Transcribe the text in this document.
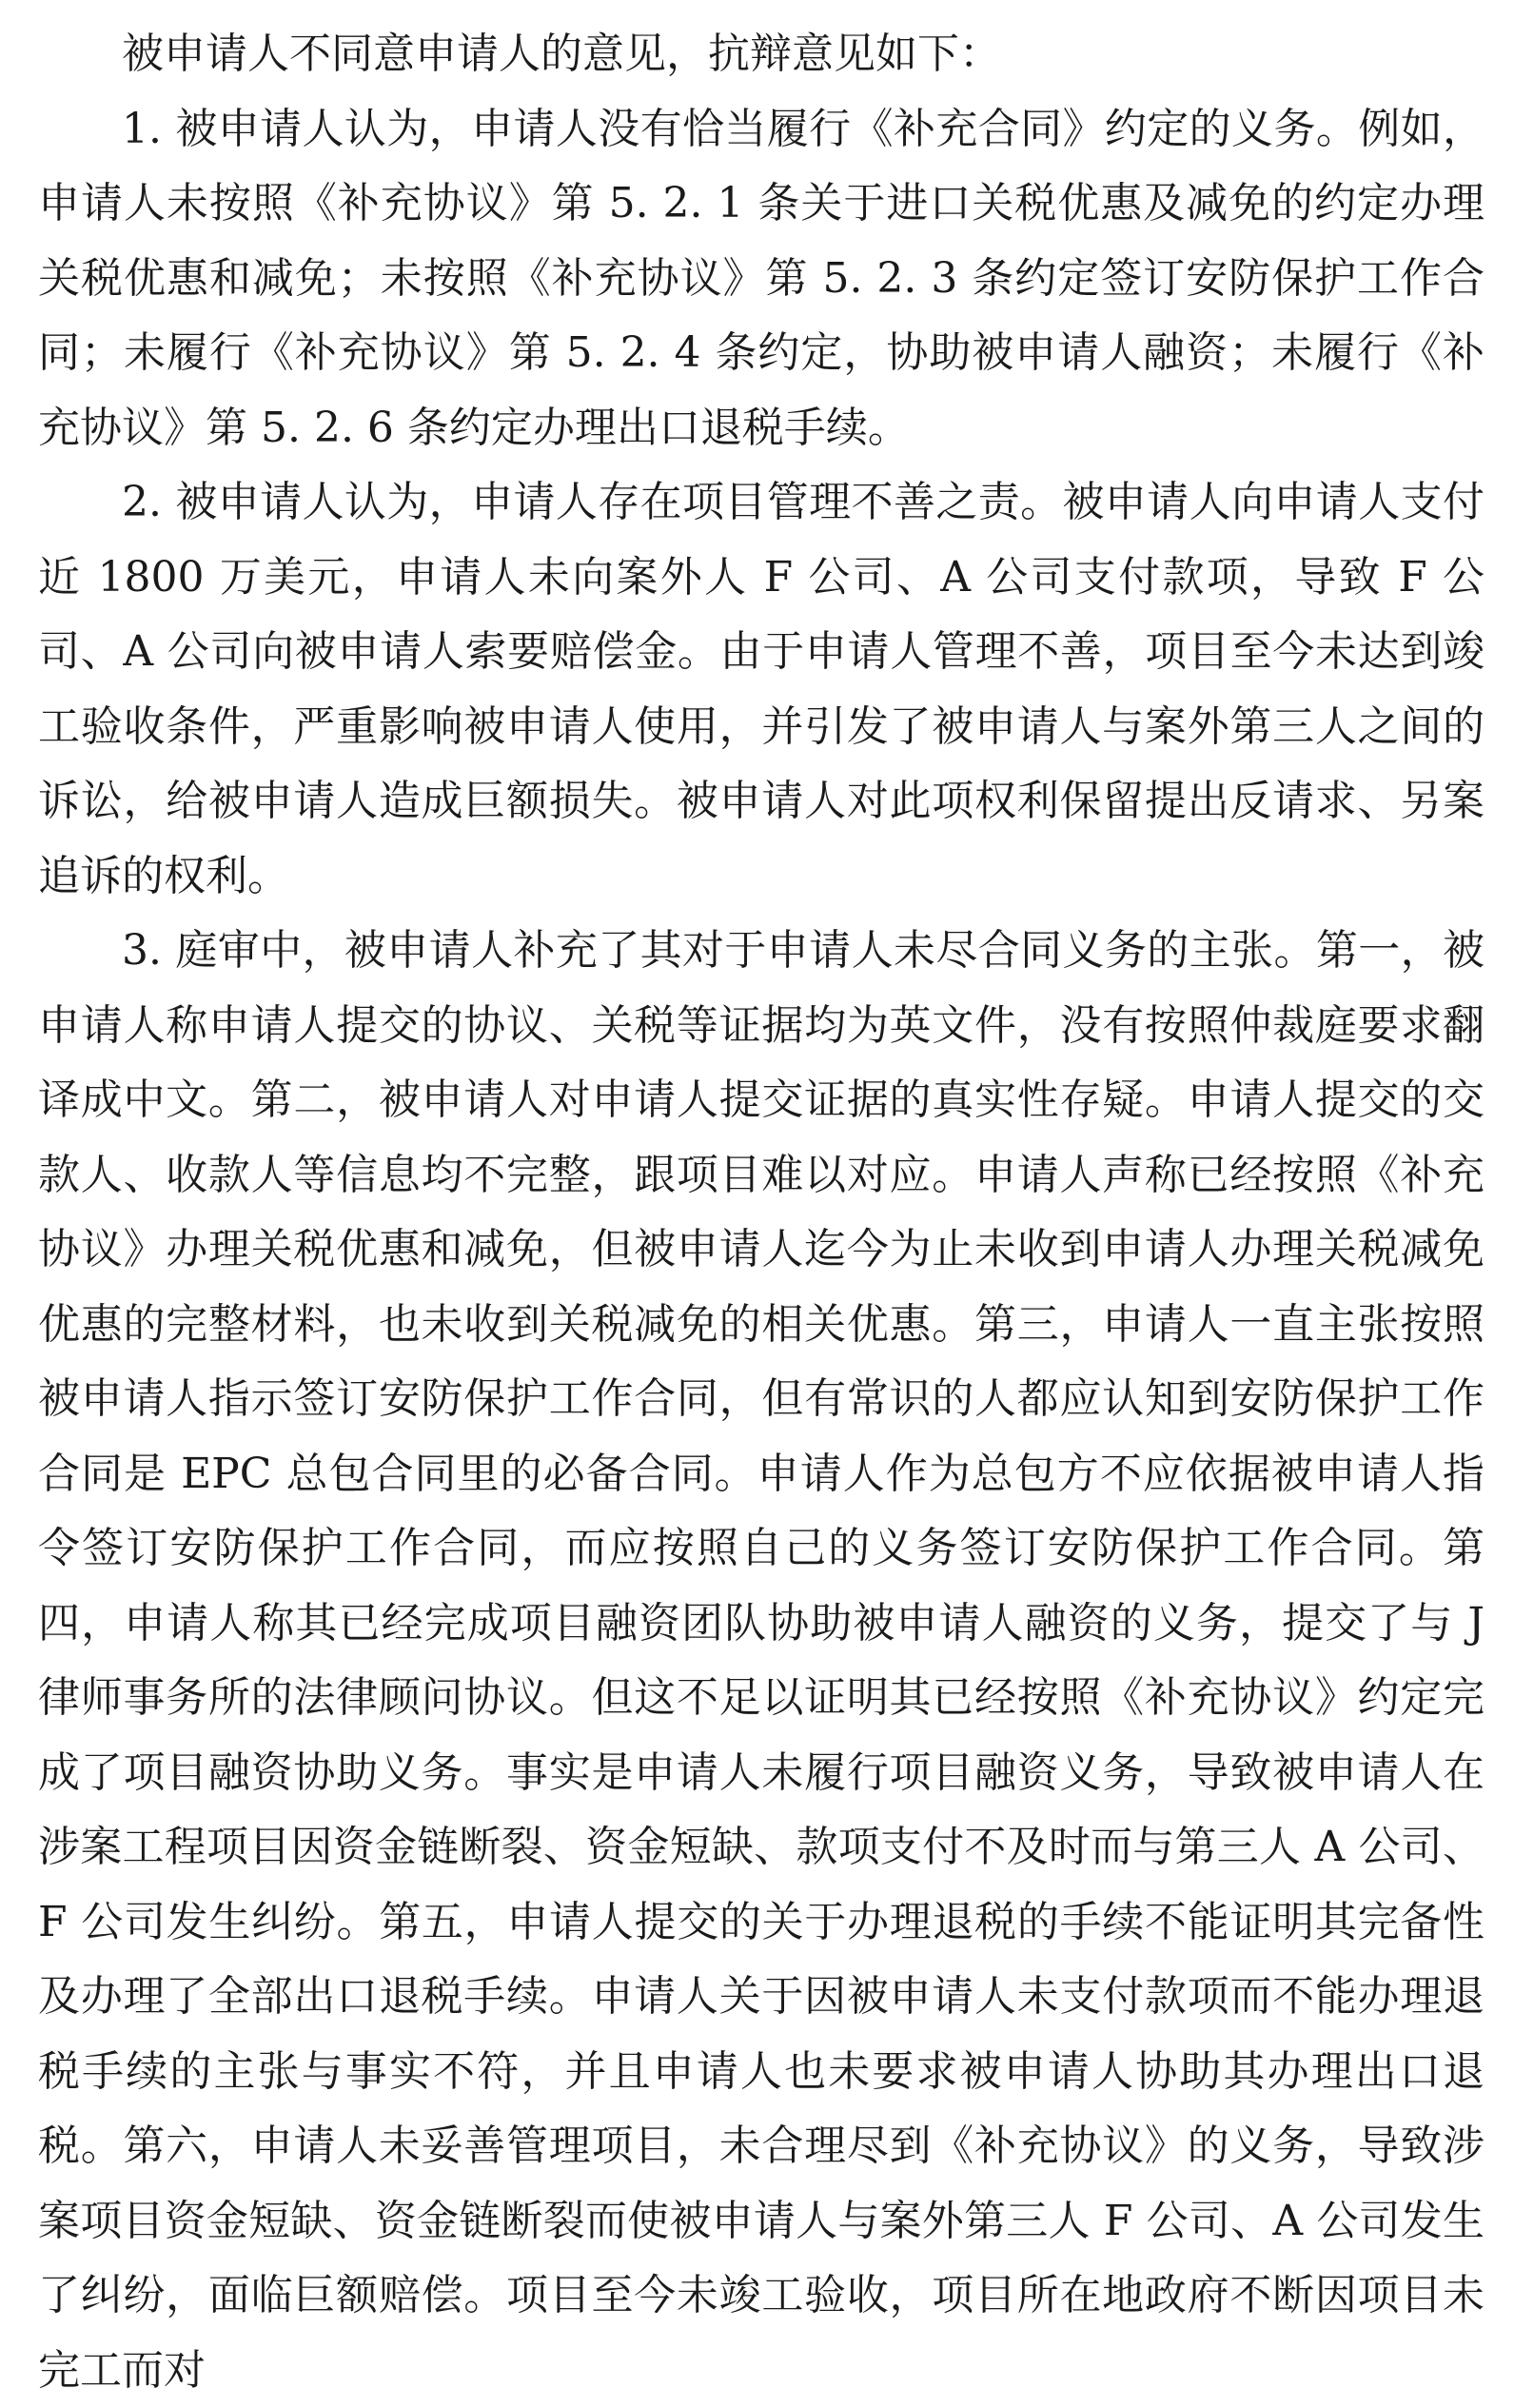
被申请人不同意申请人的意见，抗辩意见如下：

1. 被申请人认为，申请人没有恰当履行《补充合同》约定的义务。例如，申请人未按照《补充协议》第 5. 2. 1 条关于进口关税优惠及减免的约定办理关税优惠和减免；未按照《补充协议》第 5. 2. 3 条约定签订安防保护工作合同；未履行《补充协议》第 5. 2. 4 条约定，协助被申请人融资；未履行《补充协议》第 5. 2. 6 条约定办理出口退税手续。

2. 被申请人认为，申请人存在项目管理不善之责。被申请人向申请人支付近 1800 万美元，申请人未向案外人 F 公司、A 公司支付款项，导致 F 公司、A 公司向被申请人索要赔偿金。由于申请人管理不善，项目至今未达到竣工验收条件，严重影响被申请人使用，并引发了被申请人与案外第三人之间的诉讼，给被申请人造成巨额损失。被申请人对此项权利保留提出反请求、另案追诉的权利。

3. 庭审中，被申请人补充了其对于申请人未尽合同义务的主张。第一，被申请人称申请人提交的协议、关税等证据均为英文件，没有按照仲裁庭要求翻译成中文。第二，被申请人对申请人提交证据的真实性存疑。申请人提交的交款人、收款人等信息均不完整，跟项目难以对应。申请人声称已经按照《补充协议》办理关税优惠和减免，但被申请人迄今为止未收到申请人办理关税减免优惠的完整材料，也未收到关税减免的相关优惠。第三，申请人一直主张按照被申请人指示签订安防保护工作合同，但有常识的人都应认知到安防保护工作合同是 EPC 总包合同里的必备合同。申请人作为总包方不应依据被申请人指令签订安防保护工作合同，而应按照自己的义务签订安防保护工作合同。第四，申请人称其已经完成项目融资团队协助被申请人融资的义务，提交了与 J 律师事务所的法律顾问协议。但这不足以证明其已经按照《补充协议》约定完成了项目融资协助义务。事实是申请人未履行项目融资义务，导致被申请人在涉案工程项目因资金链断裂、资金短缺、款项支付不及时而与第三人 A 公司、F 公司发生纠纷。第五，申请人提交的关于办理退税的手续不能证明其完备性及办理了全部出口退税手续。申请人关于因被申请人未支付款项而不能办理退税手续的主张与事实不符，并且申请人也未要求被申请人协助其办理出口退税。第六，申请人未妥善管理项目，未合理尽到《补充协议》的义务，导致涉案项目资金短缺、资金链断裂而使被申请人与案外第三人 F 公司、A 公司发生了纠纷，面临巨额赔偿。项目至今未竣工验收，项目所在地政府不断因项目未完工而对
